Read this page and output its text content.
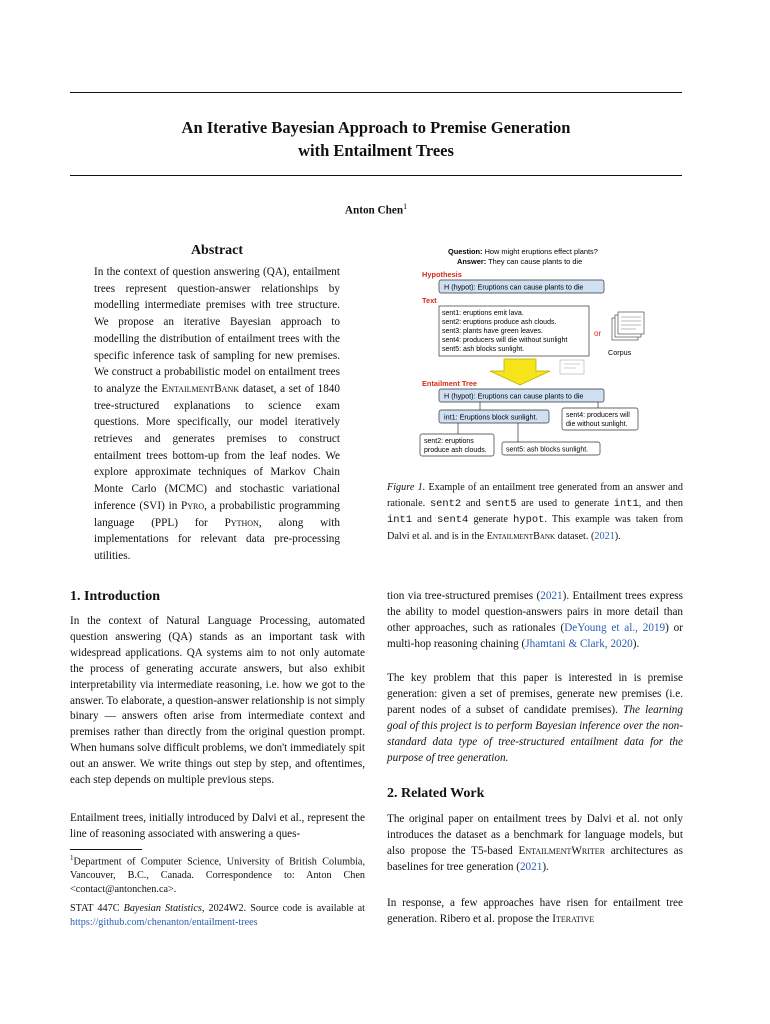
An Iterative Bayesian Approach to Premise Generation
with Entailment Trees
Anton Chen$^1$
Abstract
In the context of question answering (QA), entailment trees represent question-answer relationships by modelling intermediate premises with tree structure. We propose an iterative Bayesian approach to modelling the distribution of entailment trees with the specific inference task of sampling for new premises. We construct a probabilistic model on entailment trees to analyze the EntailmentBank dataset, a set of 1840 tree-structured explanations to science exam questions. More specifically, our model iteratively retrieves and generates premises to construct entailment trees bottom-up from the leaf nodes. We explore approximate techniques of Markov Chain Monte Carlo (MCMC) and stochastic variational inference (SVI) in Pyro, a probabilistic programming language (PPL) for Python, along with implementations for relevant data pre-processing utilities.
Question: How might eruptions effect plants?
Answer: They can cause plants to die
Hypothesis
H (hypot): Eruptions can cause plants to die
Text
sent1: eruptions emit lava.
sent2: eruptions produce ash clouds.
sent3: plants have green leaves.
sent4: producers will die without sunlight
sent5: ash blocks sunlight.
or
Corpus
Entailment Tree
H (hypot): Eruptions can cause plants to die
int1: Eruptions block sunlight.	sent4: producers will
die without sunlight.
sent2: eruptions
produce ash clouds.	sent5: ash blocks sunlight.
Figure 1. Example of an entailment tree generated from an answer and rationale. sent2 and sent5 are used to generate int1, and then int1 and sent4 generate hypot. This example was taken from Dalvi et al. and is in the EntailmentBank dataset. (2021).
1. Introduction
In the context of Natural Language Processing, automated question answering (QA) stands as an important task with widespread applications. QA systems aim to not only automate the process of generating accurate answers, but also exhibit interpretability via intermediate reasoning, i.e. how we got to the answer. To elaborate, a question-answer relationship is not simply binary — answers often arise from intermediate context and premises rather than directly from the original question prompt. When humans solve difficult problems, we don't immediately spit out an answer. We write things out step by step, and oftentimes, each step depends on multiple previous steps.
Entailment trees, initially introduced by Dalvi et al., represent the line of reasoning associated with answering a ques-
$^1$Department of Computer Science, University of British Columbia, Vancouver, B.C., Canada. Correspondence to: Anton Chen <contact@antonchen.ca>.
STAT 447C Bayesian Statistics, 2024W2. Source code is available at https://github.com/chenanton/entailment-trees
tion via tree-structured premises (2021). Entailment trees express the ability to model question-answers pairs in more detail than other approaches, such as rationales (DeYoung et al., 2019) or multi-hop reasoning chaining (Jhamtani & Clark, 2020).
The key problem that this paper is interested in is premise generation: given a set of premises, generate new premises (i.e. parent nodes of a subset of candidate premises). The learning goal of this project is to perform Bayesian inference over the non-standard data type of tree-structured entailment data for the purpose of tree generation.
2. Related Work
The original paper on entailment trees by Dalvi et al. not only introduces the dataset as a benchmark for language models, but also propose the T5-based EntailmentWriter architectures as baselines for tree generation (2021).
In response, a few approaches have risen for entailment tree generation. Ribero et al. propose the Iterative
